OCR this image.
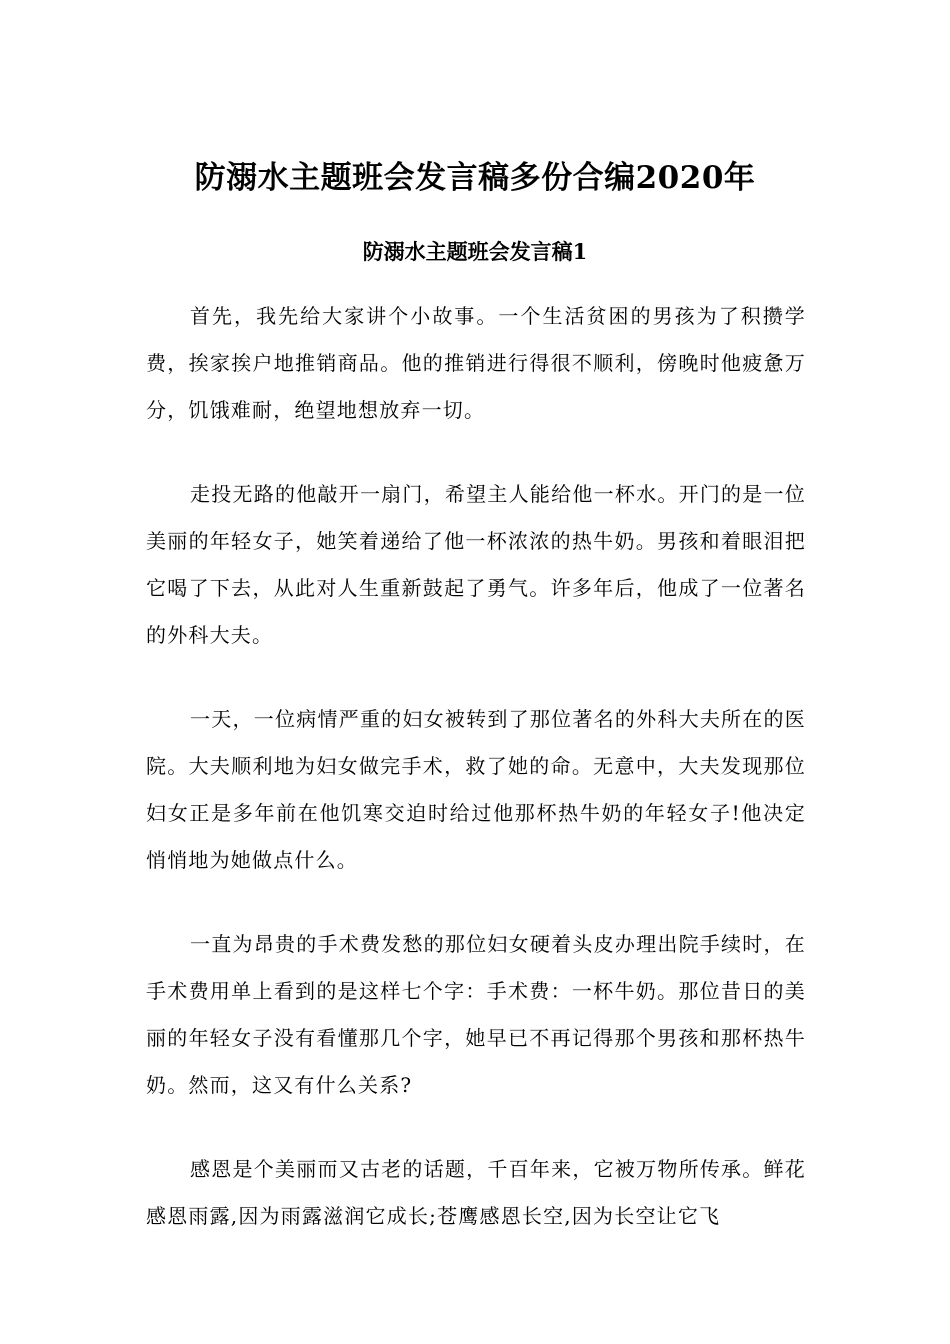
防溺水主题班会发言稿多份合编2020年
防溺水主题班会发言稿1

首先，我先给大家讲个小故事。一个生活贫困的男孩为了积攒学费，挨家挨户地推销商品。他的推销进行得很不顺利，傍晚时他疲惫万分，饥饿难耐，绝望地想放弃一切。

走投无路的他敲开一扇门，希望主人能给他一杯水。开门的是一位美丽的年轻女子，她笑着递给了他一杯浓浓的热牛奶。男孩和着眼泪把它喝了下去，从此对人生重新鼓起了勇气。许多年后，他成了一位著名的外科大夫。

一天，一位病情严重的妇女被转到了那位著名的外科大夫所在的医院。大夫顺利地为妇女做完手术，救了她的命。无意中，大夫发现那位妇女正是多年前在他饥寒交迫时给过他那杯热牛奶的年轻女子!他决定悄悄地为她做点什么。

一直为昂贵的手术费发愁的那位妇女硬着头皮办理出院手续时，在手术费用单上看到的是这样七个字：手术费：一杯牛奶。那位昔日的美丽的年轻女子没有看懂那几个字，她早已不再记得那个男孩和那杯热牛奶。然而，这又有什么关系?

感恩是个美丽而又古老的话题，千百年来，它被万物所传承。鲜花感恩雨露,因为雨露滋润它成长;苍鹰感恩长空,因为长空让它飞
